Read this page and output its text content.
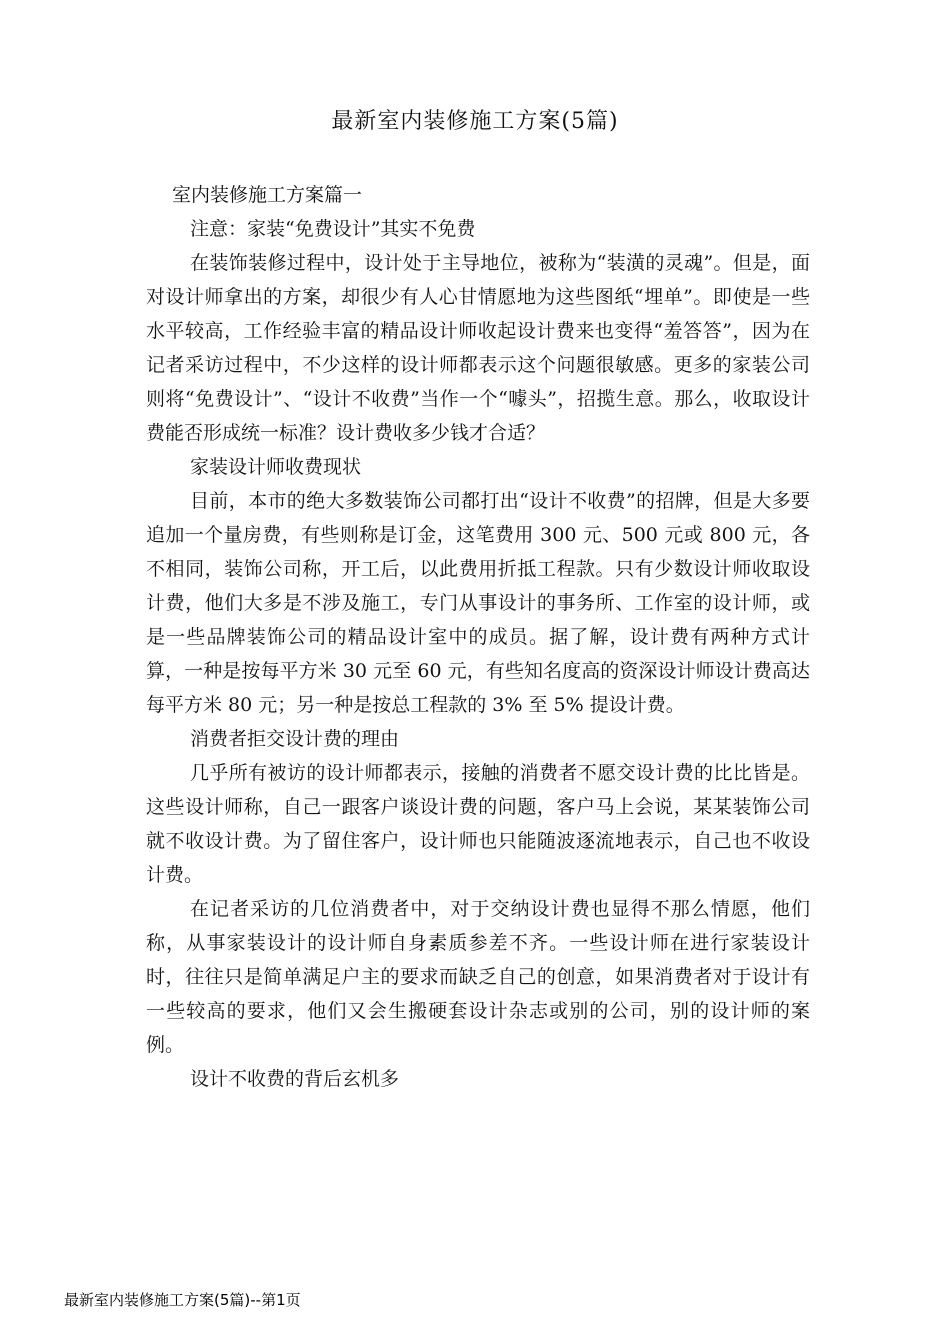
最新室内装修施工方案(5篇)

室内装修施工方案篇一

注意：家装“免费设计”其实不免费

在装饰装修过程中，设计处于主导地位，被称为“装潢的灵魂”。但是，面对设计师拿出的方案，却很少有人心甘情愿地为这些图纸“埋单”。即使是一些水平较高，工作经验丰富的精品设计师收起设计费来也变得“羞答答”，因为在记者采访过程中，不少这样的设计师都表示这个问题很敏感。更多的家装公司则将“免费设计”、“设计不收费”当作一个“噱头”，招揽生意。那么，收取设计费能否形成统一标准？设计费收多少钱才合适？

家装设计师收费现状

目前，本市的绝大多数装饰公司都打出“设计不收费”的招牌，但是大多要追加一个量房费，有些则称是订金，这笔费用 300 元、500 元或 800 元，各不相同，装饰公司称，开工后，以此费用折抵工程款。只有少数设计师收取设计费，他们大多是不涉及施工，专门从事设计的事务所、工作室的设计师，或是一些品牌装饰公司的精品设计室中的成员。据了解，设计费有两种方式计算，一种是按每平方米 30 元至 60 元，有些知名度高的资深设计师设计费高达每平方米 80 元；另一种是按总工程款的 3% 至 5% 提设计费。

消费者拒交设计费的理由

几乎所有被访的设计师都表示，接触的消费者不愿交设计费的比比皆是。这些设计师称，自己一跟客户谈设计费的问题，客户马上会说，某某装饰公司就不收设计费。为了留住客户，设计师也只能随波逐流地表示，自己也不收设计费。

在记者采访的几位消费者中，对于交纳设计费也显得不那么情愿，他们称，从事家装设计的设计师自身素质参差不齐。一些设计师在进行家装设计时，往往只是简单满足户主的要求而缺乏自己的创意，如果消费者对于设计有一些较高的要求，他们又会生搬硬套设计杂志或别的公司，别的设计师的案例。

设计不收费的背后玄机多

最新室内装修施工方案(5篇)--第1页
